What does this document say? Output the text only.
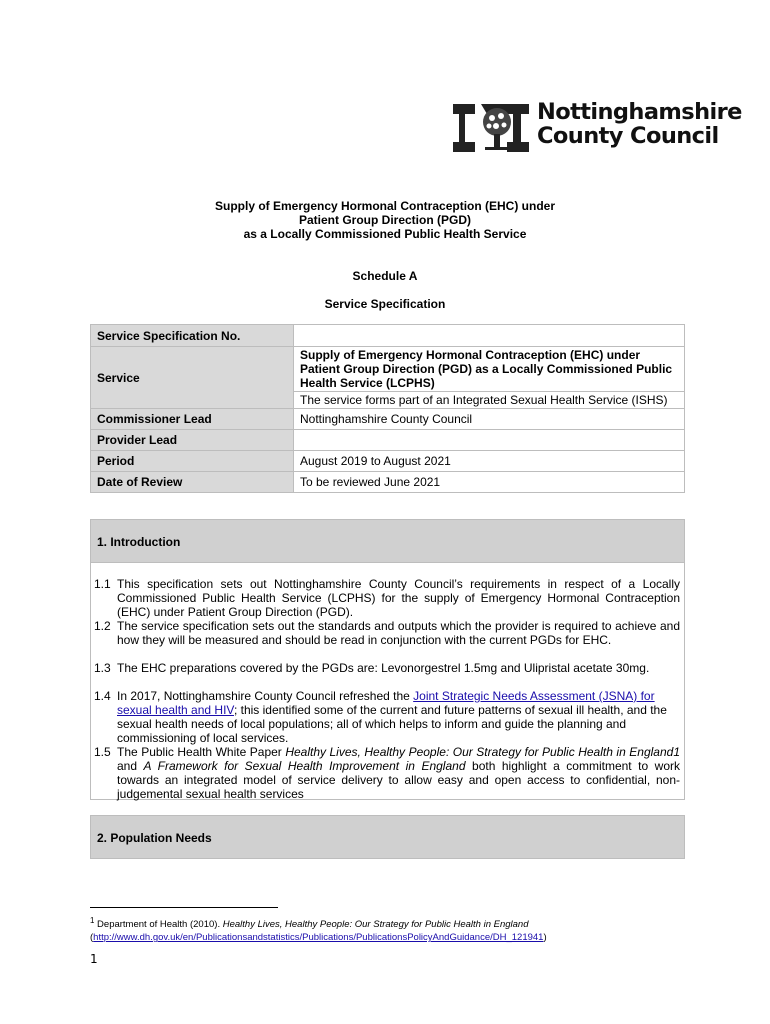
Nottinghamshire
County Council
Supply of Emergency Hormonal Contraception (EHC) under
Patient Group Direction (PGD)
as a Locally Commissioned Public Health Service
Schedule A
Service Specification
Service Specification No.	
Service	Supply of Emergency Hormonal Contraception (EHC) under Patient Group Direction (PGD) as a Locally Commissioned Public Health Service (LCPHS)
	The service forms part of an Integrated Sexual Health Service (ISHS)
Commissioner Lead	Nottinghamshire County Council
Provider Lead	
Period	August 2019 to August 2021
Date of Review	To be reviewed June 2021
1. Introduction
1.1 This specification sets out Nottinghamshire County Council’s requirements in respect of a Locally Commissioned Public Health Service (LCPHS) for the supply of Emergency Hormonal Contraception (EHC) under Patient Group Direction (PGD).
1.2 The service specification sets out the standards and outputs which the provider is required to achieve and how they will be measured and should be read in conjunction with the current PGDs for EHC.
1.3 The EHC preparations covered by the PGDs are: Levonorgestrel 1.5mg and Ulipristal acetate 30mg.
1.4 In 2017, Nottinghamshire County Council refreshed the Joint Strategic Needs Assessment (JSNA) for sexual health and HIV; this identified some of the current and future patterns of sexual ill health, and the sexual health needs of local populations; all of which helps to inform and guide the planning and commissioning of local services.
1.5 The Public Health White Paper Healthy Lives, Healthy People: Our Strategy for Public Health in England1 and A Framework for Sexual Health Improvement in England both highlight a commitment to work towards an integrated model of service delivery to allow easy and open access to confidential, non-judgemental sexual health services
2. Population Needs
$^1$ Department of Health (2010). Healthy Lives, Healthy People: Our Strategy for Public Health in England
(http://www.dh.gov.uk/en/Publicationsandstatistics/Publications/PublicationsPolicyAndGuidance/DH_121941)
1
